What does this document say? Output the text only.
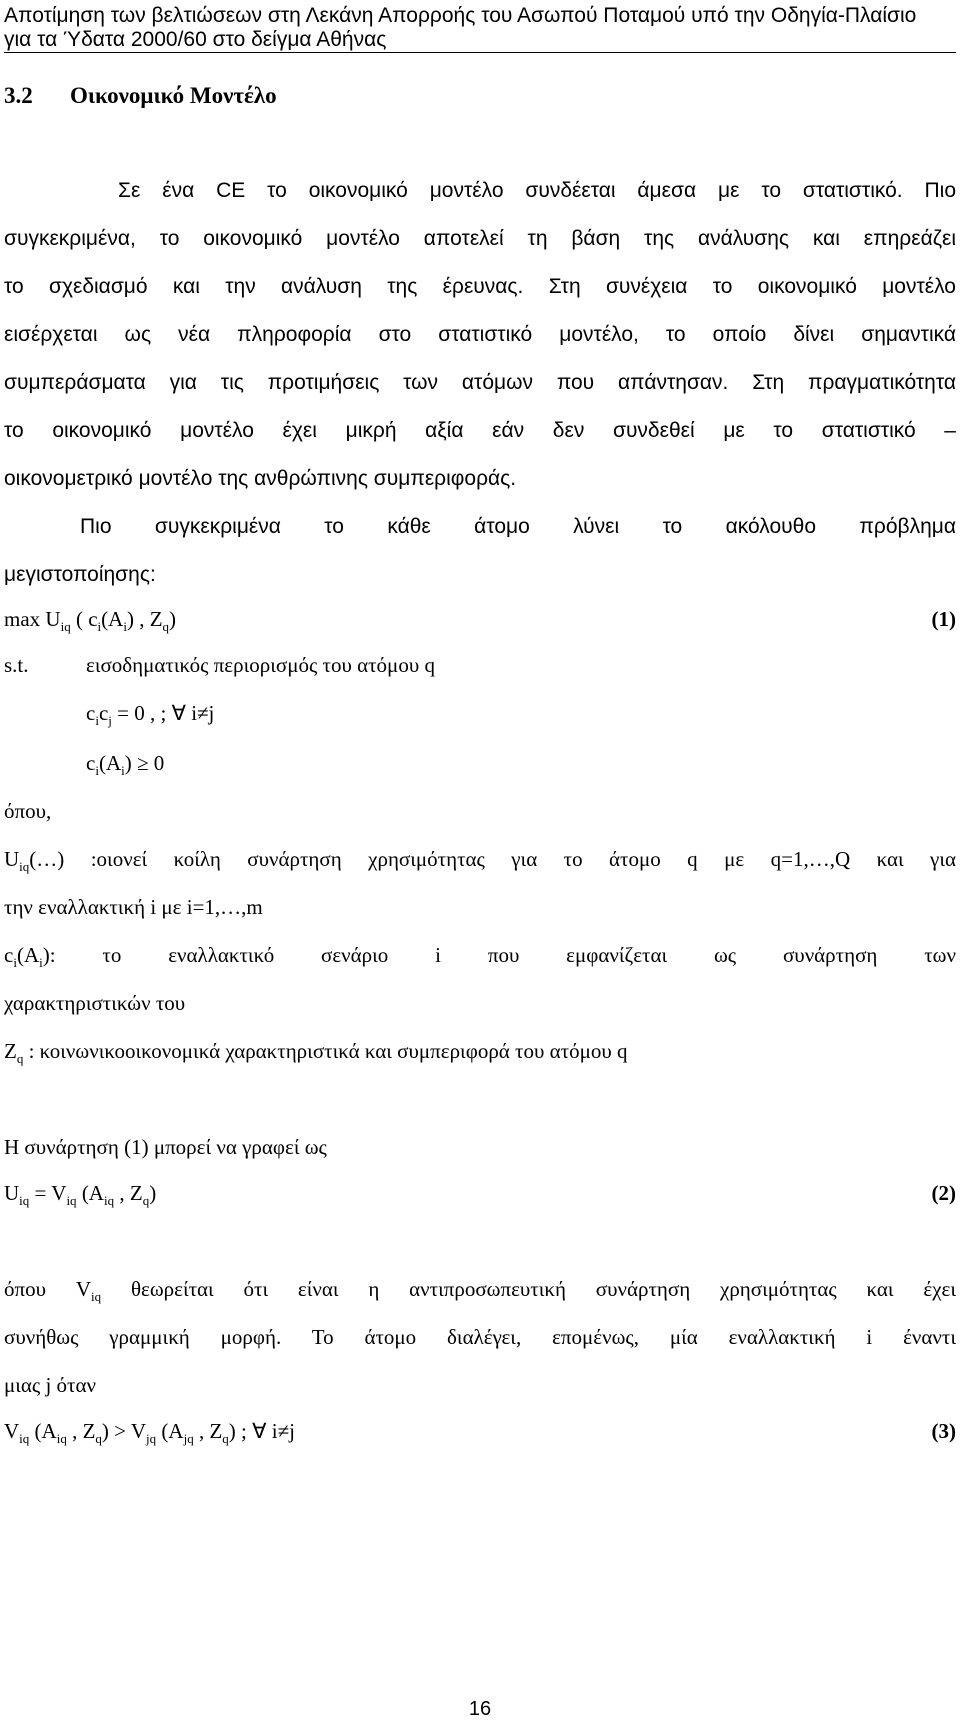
Αποτίμηση των βελτιώσεων στη Λεκάνη Απορροής του Ασωπού Ποταμού υπό την Οδηγία-Πλαίσιο
για τα Ύδατα 2000/60 στο δείγμα Αθήνας
3.2 Οικονομικό Μοντέλο
Σε ένα CE το οικονομικό μοντέλο συνδέεται άμεσα με το στατιστικό. Πιο
συγκεκριμένα, το οικονομικό μοντέλο αποτελεί τη βάση της ανάλυσης και επηρεάζει
το σχεδιασμό και την ανάλυση της έρευνας. Στη συνέχεια το οικονομικό μοντέλο
εισέρχεται ως νέα πληροφορία στο στατιστικό μοντέλο, το οποίο δίνει σημαντικά
συμπεράσματα για τις προτιμήσεις των ατόμων που απάντησαν. Στη πραγματικότητα
το οικονομικό μοντέλο έχει μικρή αξία εάν δεν συνδεθεί με το στατιστικό –
οικονομετρικό μοντέλο της ανθρώπινης συμπεριφοράς.
Πιο συγκεκριμένα το κάθε άτομο λύνει το ακόλουθο πρόβλημα
μεγιστοποίησης:
$\max U_{iq}$ ( $c_i(A_i)$ , $Z_q$)	(1)
s.t.	εισοδηματικός περιορισμός του ατόμου q
$c_ic_j = 0$ , ; ∀ i≠j
$c_i(A_i) \ge 0$
όπου,
$U_{iq}(\dots)$ :οιονεί κοίλη συνάρτηση χρησιμότητας για το άτομο q με q=1,…,Q και για
την εναλλακτική i με i=1,…,m
$c_i(A_i)$: το εναλλακτικό σενάριο i που εμφανίζεται ως συνάρτηση των
χαρακτηριστικών του
$Z_q$ : κοινωνικοοικονομικά χαρακτηριστικά και συμπεριφορά του ατόμου q
Η συνάρτηση (1) μπορεί να γραφεί ως
$U_{iq} = V_{iq}$ ($A_{iq}$ , $Z_q$)	(2)
όπου $V_{iq}$ θεωρείται ότι είναι η αντιπροσωπευτική συνάρτηση χρησιμότητας και έχει
συνήθως γραμμική μορφή. Το άτομο διαλέγει, επομένως, μία εναλλακτική i έναντι
μιας j όταν
$V_{iq}$ ($A_{iq}$ , $Z_q) > V_{jq}$ ($A_{jq}$ , $Z_q$) ; ∀ i≠j	(3)
16
